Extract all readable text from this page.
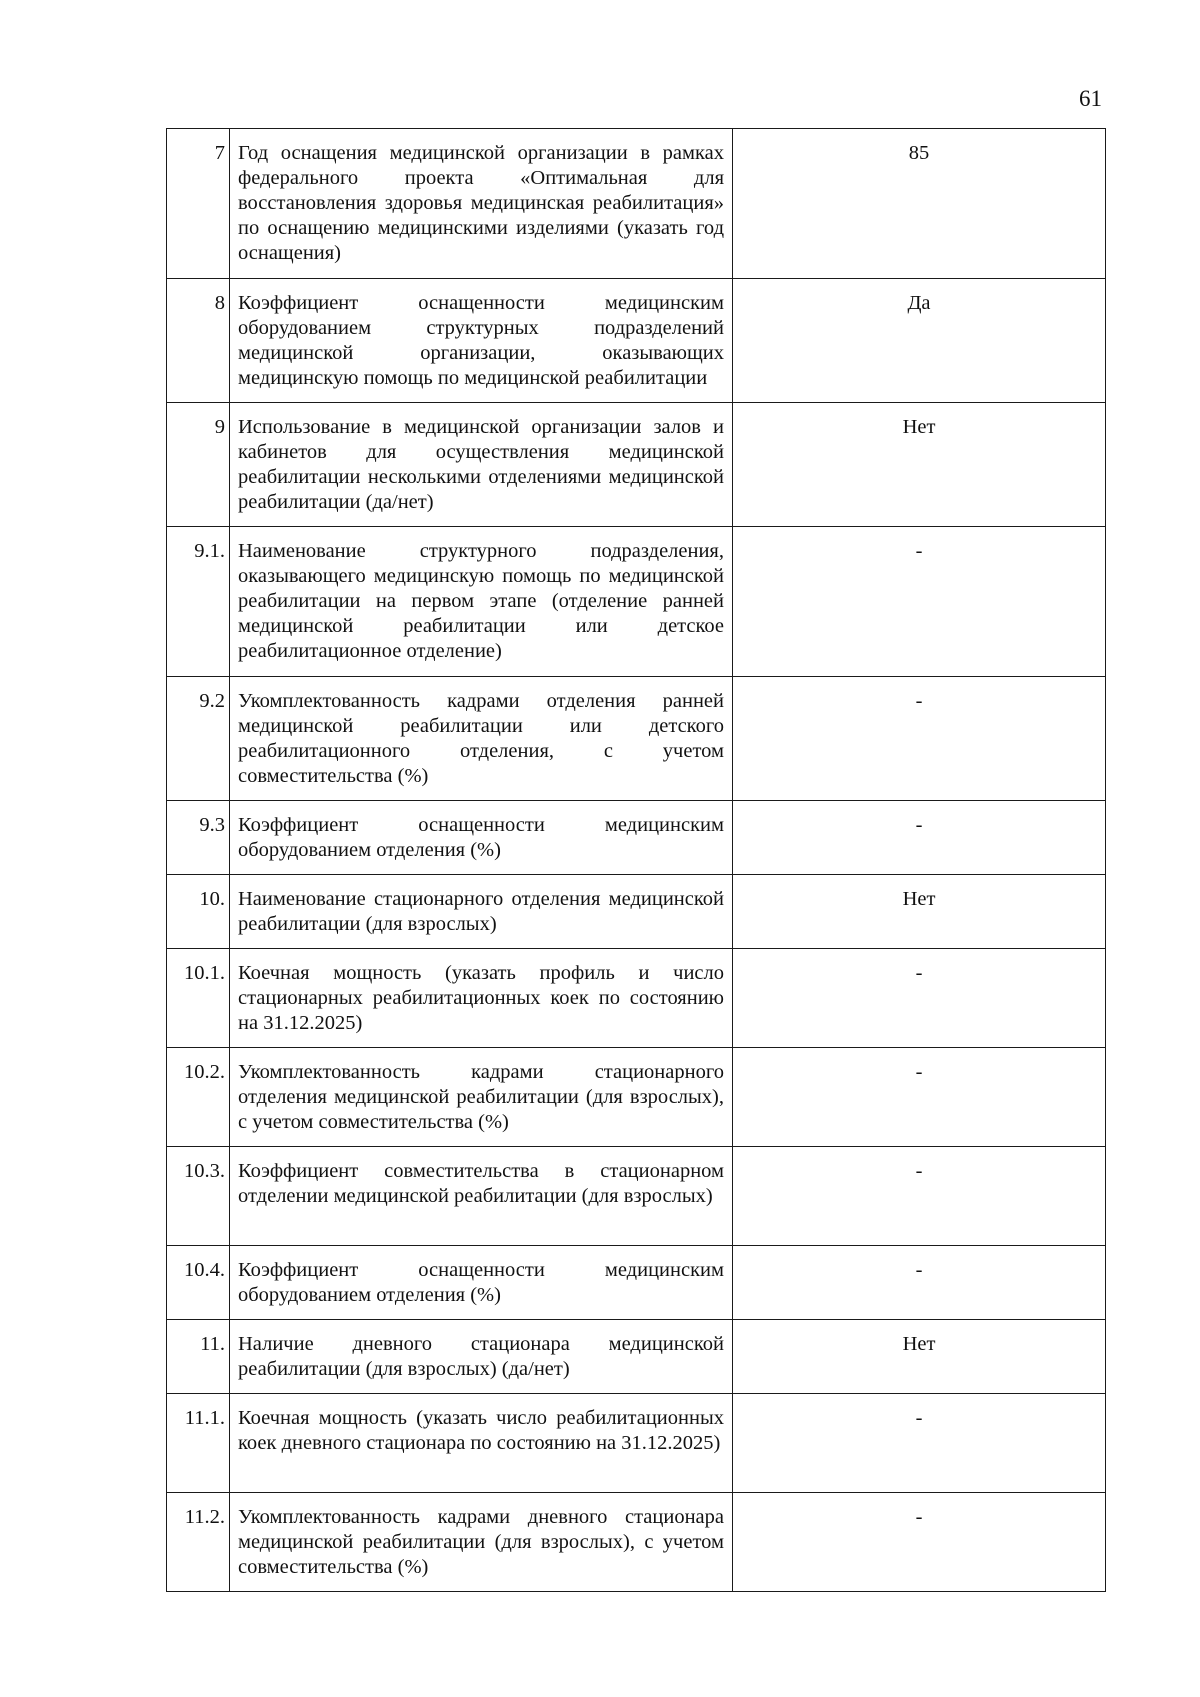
61
7	Год оснащения медицинской организации в рамках федерального проекта «Оптимальная для восстановления здоровья медицинская реабилитация» по оснащению медицинскими изделиями (указать год оснащения)	85
8	Коэффициент оснащенности медицинским оборудованием структурных подразделений медицинской организации, оказывающих медицинскую помощь по медицинской реабилитации	Да
9	Использование в медицинской организации залов и кабинетов для осуществления медицинской реабилитации несколькими отделениями медицинской реабилитации (да/нет)	Нет
9.1.	Наименование структурного подразделения, оказывающего медицинскую помощь по медицинской реабилитации на первом этапе (отделение ранней медицинской реабилитации или детское реабилитационное отделение)	-
9.2	Укомплектованность кадрами отделения ранней медицинской реабилитации или детского реабилитационного отделения, с учетом совместительства (%)	-
9.3	Коэффициент оснащенности медицинским оборудованием отделения (%)	-
10.	Наименование стационарного отделения медицинской реабилитации (для взрослых)	Нет
10.1.	Коечная мощность (указать профиль и число стационарных реабилитационных коек по состоянию на 31.12.2025)	-
10.2.	Укомплектованность кадрами стационарного отделения медицинской реабилитации (для взрослых), с учетом совместительства (%)	-
10.3.	Коэффициент совместительства в стационарном отделении медицинской реабилитации (для взрослых)	-
10.4.	Коэффициент оснащенности медицинским оборудованием отделения (%)	-
11.	Наличие дневного стационара медицинской реабилитации (для взрослых) (да/нет)	Нет
11.1.	Коечная мощность (указать число реабилитационных коек дневного стационара по состоянию на 31.12.2025)	-
11.2.	Укомплектованность кадрами дневного стационара медицинской реабилитации (для взрослых), с учетом совместительства (%)	-
